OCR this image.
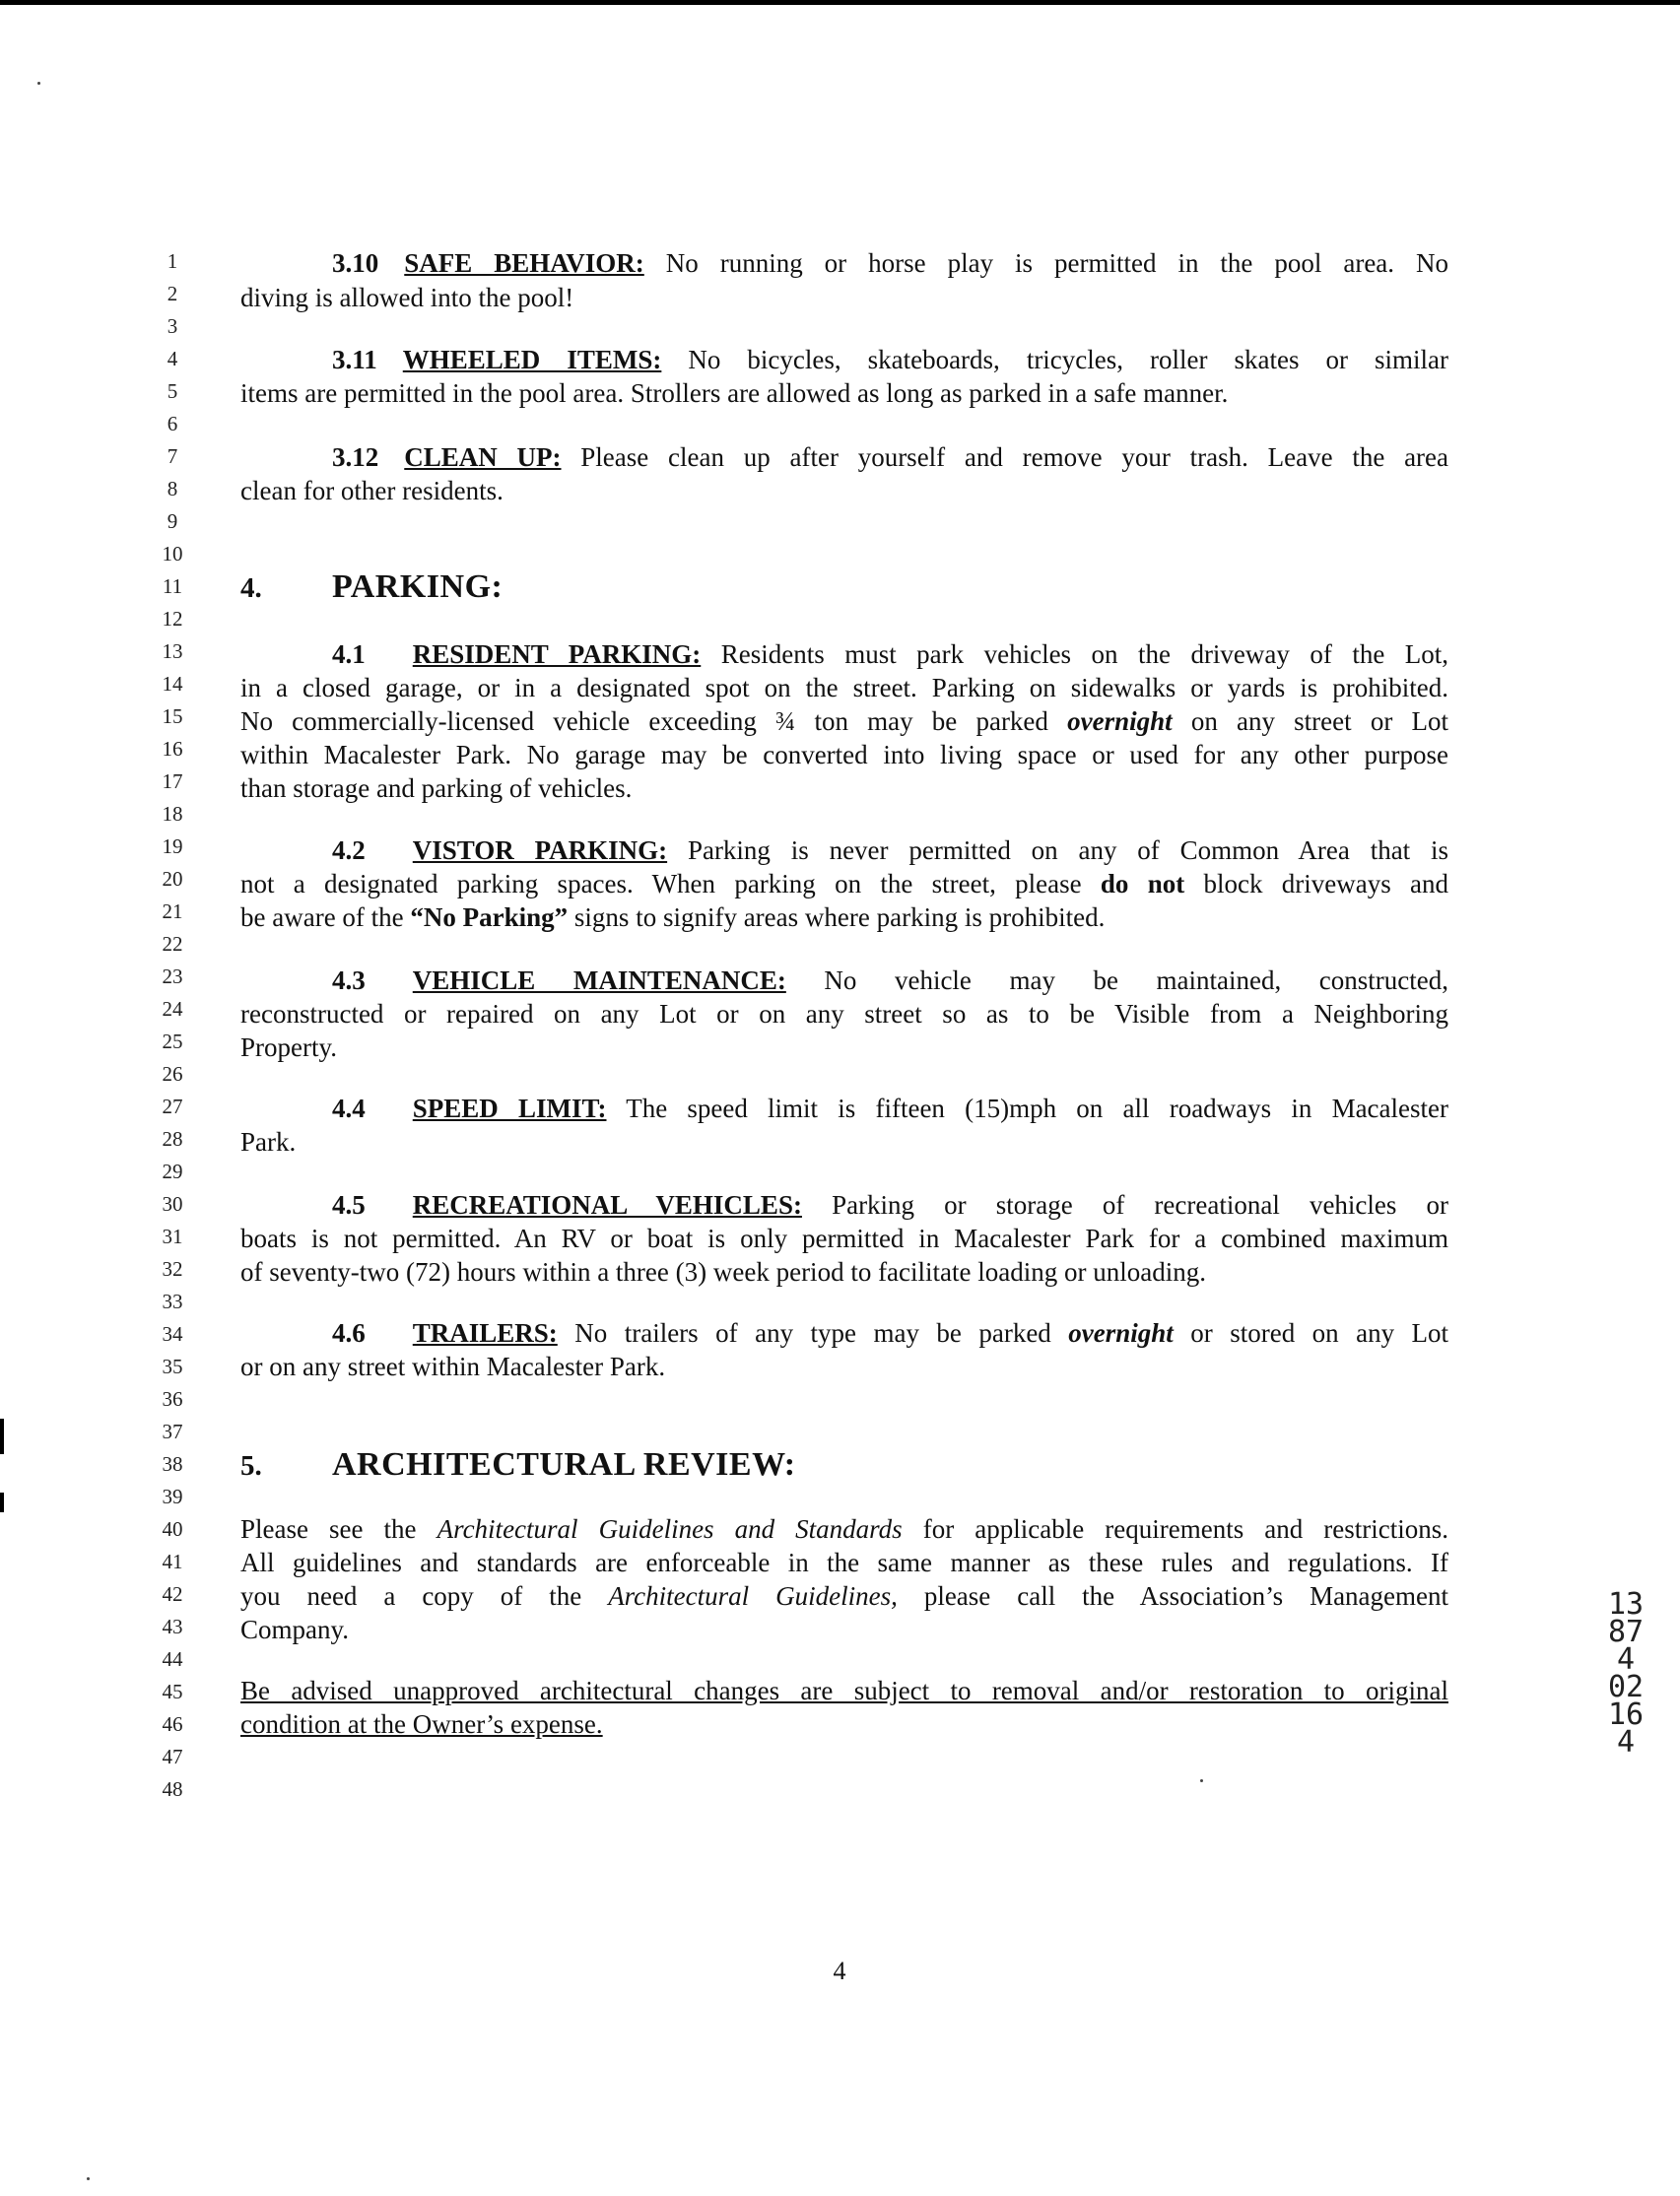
1
2
3
4
5
6
7
8
9
10
11
12
13
14
15
16
17
18
19
20
21
22
23
24
25
26
27
28
29
30
31
32
33
34
35
36
37
38
39
40
41
42
43
44
45
46
47
48
3.10 SAFE BEHAVIOR: No running or horse play is permitted in the pool area. No
diving is allowed into the pool!
3.11 WHEELED ITEMS: No bicycles, skateboards, tricycles, roller skates or similar
items are permitted in the pool area. Strollers are allowed as long as parked in a safe manner.
3.12 CLEAN UP: Please clean up after yourself and remove your trash. Leave the area
clean for other residents.
4. PARKING:
4.1 RESIDENT PARKING: Residents must park vehicles on the driveway of the Lot,
in a closed garage, or in a designated spot on the street. Parking on sidewalks or yards is prohibited.
No commercially-licensed vehicle exceeding ¾ ton may be parked overnight on any street or Lot
within Macalester Park. No garage may be converted into living space or used for any other purpose
than storage and parking of vehicles.
4.2 VISTOR PARKING: Parking is never permitted on any of Common Area that is
not a designated parking spaces. When parking on the street, please do not block driveways and
be aware of the “No Parking” signs to signify areas where parking is prohibited.
4.3 VEHICLE MAINTENANCE: No vehicle may be maintained, constructed,
reconstructed or repaired on any Lot or on any street so as to be Visible from a Neighboring
Property.
4.4 SPEED LIMIT: The speed limit is fifteen (15)mph on all roadways in Macalester
Park.
4.5 RECREATIONAL VEHICLES: Parking or storage of recreational vehicles or
boats is not permitted. An RV or boat is only permitted in Macalester Park for a combined maximum
of seventy-two (72) hours within a three (3) week period to facilitate loading or unloading.
4.6 TRAILERS: No trailers of any type may be parked overnight or stored on any Lot
or on any street within Macalester Park.
5. ARCHITECTURAL REVIEW:
Please see the Architectural Guidelines and Standards for applicable requirements and restrictions.
All guidelines and standards are enforceable in the same manner as these rules and regulations. If
you need a copy of the Architectural Guidelines, please call the Association’s Management
Company.
Be advised unapproved architectural changes are subject to removal and/or restoration to original
condition at the Owner’s expense.
4
13874 02164
